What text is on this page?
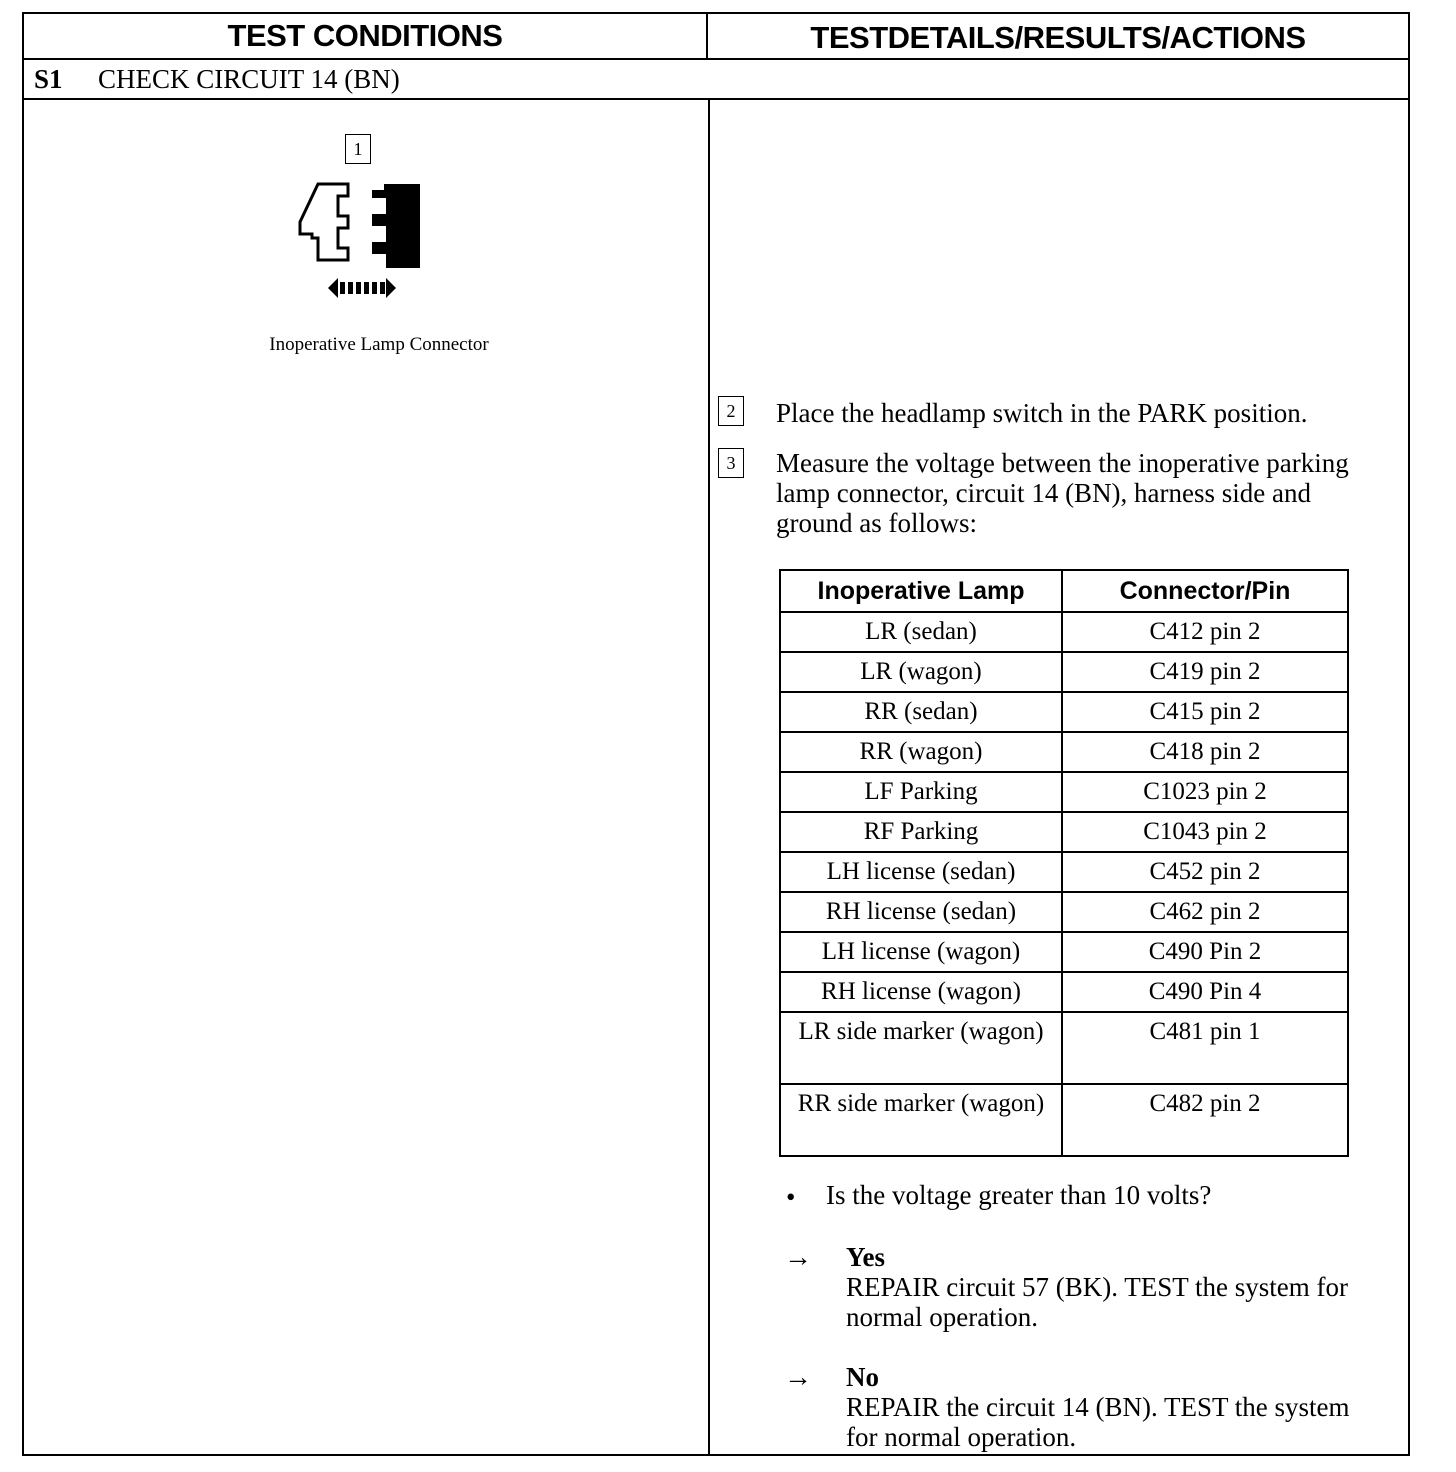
TEST CONDITIONS	TESTDETAILS/RESULTS/ACTIONS
S1	CHECK CIRCUIT 14 (BN)
1
Inoperative Lamp Connector
2	Place the headlamp switch in the PARK position.
3	Measure the voltage between the inoperative parking lamp connector, circuit 14 (BN), harness side and ground as follows:
Inoperative Lamp	Connector/Pin
LR (sedan)	C412 pin 2
LR (wagon)	C419 pin 2
RR (sedan)	C415 pin 2
RR (wagon)	C418 pin 2
LF Parking	C1023 pin 2
RF Parking	C1043 pin 2
LH license (sedan)	C452 pin 2
RH license (sedan)	C462 pin 2
LH license (wagon)	C490 Pin 2
RH license (wagon)	C490 Pin 4
LR side marker (wagon)	C481 pin 1
RR side marker (wagon)	C482 pin 2
• Is the voltage greater than 10 volts?
→ Yes
REPAIR circuit 57 (BK). TEST the system for normal operation.
→ No
REPAIR the circuit 14 (BN). TEST the system for normal operation.
